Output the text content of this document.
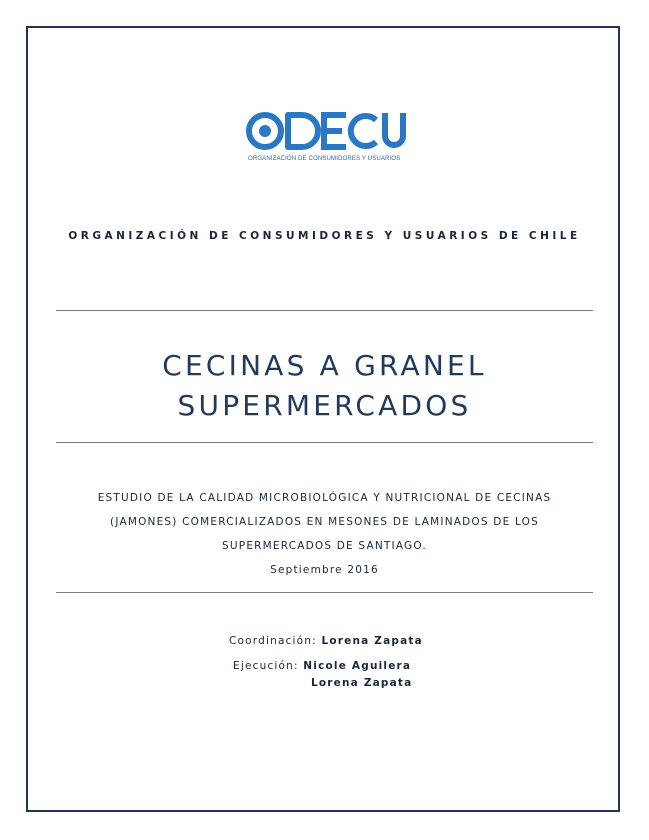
ORGANIZACIÓN DE CONSUMIDORES Y USUARIOS
ORGANIZACIÓN DE CONSUMIDORES Y USUARIOS DE CHILE
CECINAS A GRANEL
SUPERMERCADOS
ESTUDIO DE LA CALIDAD MICROBIOLÓGICA Y NUTRICIONAL DE CECINAS
(JAMONES) COMERCIALIZADOS EN MESONES DE LAMINADOS DE LOS
SUPERMERCADOS DE SANTIAGO.
Septiembre 2016
Coordinación: Lorena Zapata
Ejecución: Nicole Aguilera
Lorena Zapata
